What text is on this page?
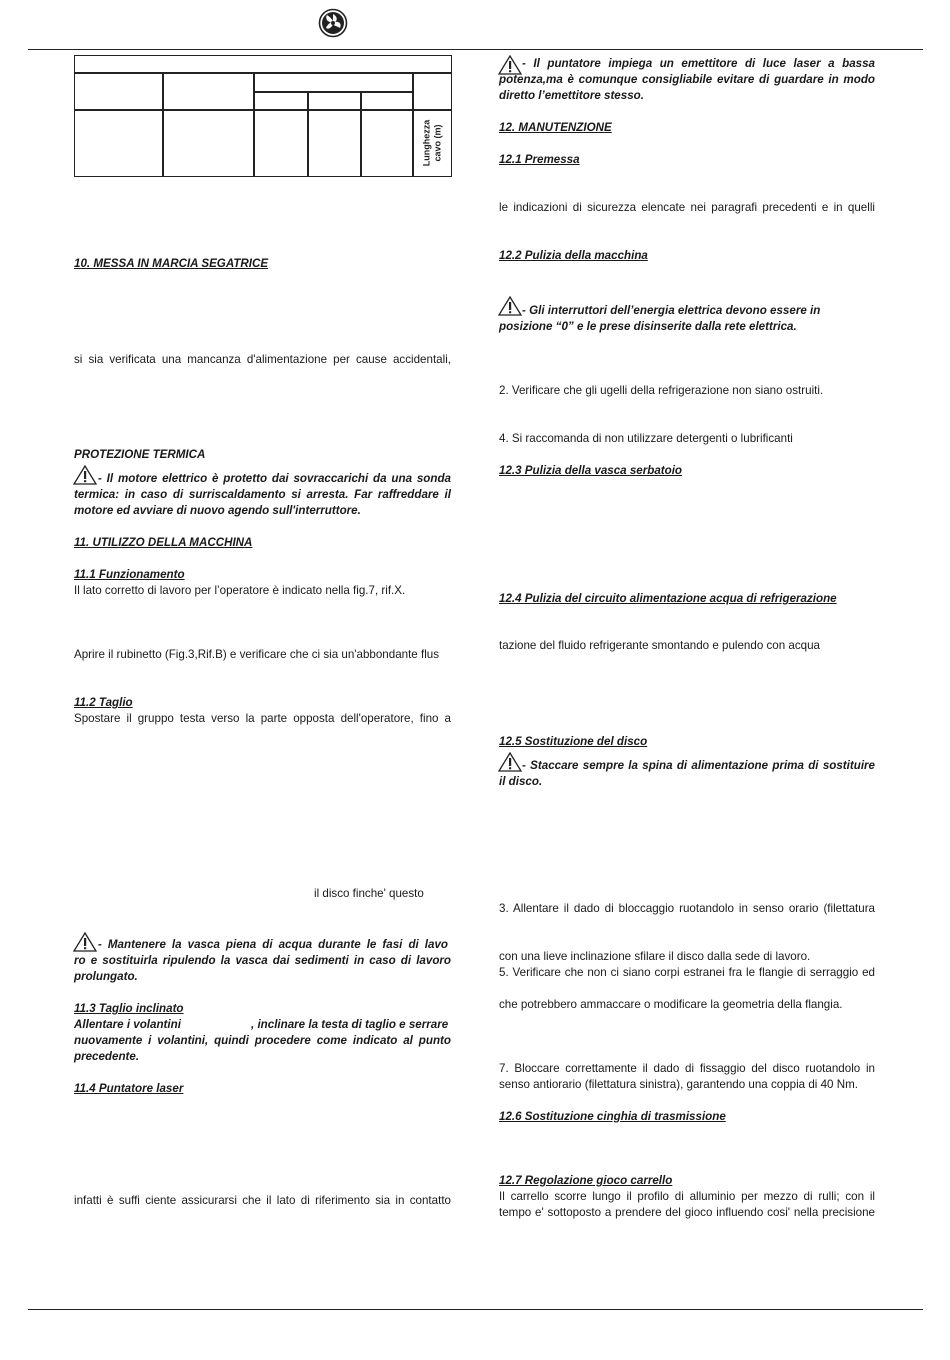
Lunghezza
cavo (m)
10. MESSA IN MARCIA SEGATRICE
si sia verificata una mancanza d'alimentazione per cause accidentali,
PROTEZIONE TERMICA
- Il motore elettrico è protetto dai sovraccarichi da una sonda
termica: in caso di surriscaldamento si arresta. Far raffreddare il
motore ed avviare di nuovo agendo sull'interruttore.
11. UTILIZZO DELLA MACCHINA
11.1 Funzionamento
Il lato corretto di lavoro per l’operatore è indicato nella fig.7, rif.X.
Aprire il rubinetto (Fig.3,Rif.B) e verificare che ci sia un'abbondante flus
11.2 Taglio
Spostare il gruppo testa verso la parte opposta dell'operatore, fino a
il disco finche' questo
- Mantenere la vasca piena di acqua durante le fasi di lavo
ro e sostituirla ripulendo la vasca dai sedimenti in caso di lavoro
prolungato.
11.3 Taglio inclinato
Allentare i volantini	, inclinare la testa di taglio e serrare
nuovamente i volantini, quindi procedere come indicato al punto
precedente.
11.4 Puntatore laser
infatti è suffi ciente assicurarsi che il lato di riferimento sia in contatto
- Il puntatore impiega un emettitore di luce laser a bassa
potenza,ma è comunque consigliabile evitare di guardare in modo
diretto l’emettitore stesso.
12. MANUTENZIONE
12.1 Premessa
le indicazioni di sicurezza elencate nei paragrafi precedenti e in quelli
12.2 Pulizia della macchina
- Gli interruttori dell’energia elettrica devono essere in
posizione “0” e le prese disinserite dalla rete elettrica.
2. Verificare che gli ugelli della refrigerazione non siano ostruiti.
4. Si raccomanda di non utilizzare detergenti o lubrificanti
12.3 Pulizia della vasca serbatoio
12.4 Pulizia del circuito alimentazione acqua di refrigerazione
tazione del fluido refrigerante smontando e pulendo con acqua
12.5 Sostituzione del disco
- Staccare sempre la spina di alimentazione prima di sostituire
il disco.
3. Allentare il dado di bloccaggio ruotandolo in senso orario (filettatura
con una lieve inclinazione sfilare il disco dalla sede di lavoro.
5. Verificare che non ci siano corpi estranei fra le flangie di serraggio ed
che potrebbero ammaccare o modificare la geometria della flangia.
7. Bloccare correttamente il dado di fissaggio del disco ruotandolo in
senso antiorario (filettatura sinistra), garantendo una coppia di 40 Nm.
12.6 Sostituzione cinghia di trasmissione
12.7 Regolazione gioco carrello
Il carrello scorre lungo il profilo di alluminio per mezzo di rulli; con il
tempo e' sottoposto a prendere del gioco influendo cosi' nella precisione
